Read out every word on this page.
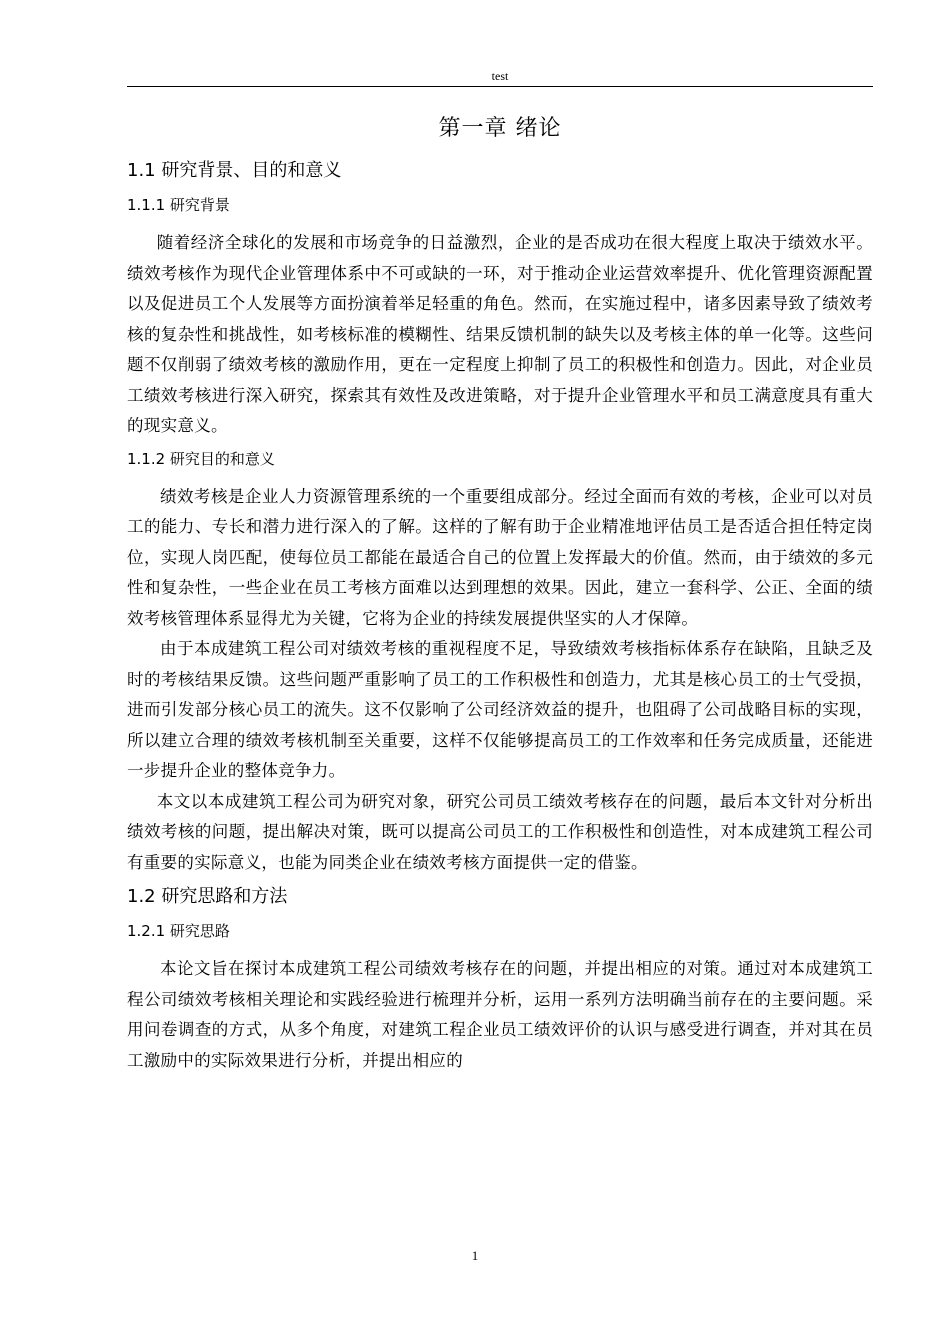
test
第一章 绪论
1.1 研究背景、目的和意义
1.1.1 研究背景

随着经济全球化的发展和市场竞争的日益激烈，企业的是否成功在很大程度上取决于绩效水平。绩效考核作为现代企业管理体系中不可或缺的一环，对于推动企业运营效率提升、优化管理资源配置以及促进员工个人发展等方面扮演着举足轻重的角色。然而，在实施过程中，诸多因素导致了绩效考核的复杂性和挑战性，如考核标准的模糊性、结果反馈机制的缺失以及考核主体的单一化等。这些问题不仅削弱了绩效考核的激励作用，更在一定程度上抑制了员工的积极性和创造力。因此，对企业员工绩效考核进行深入研究，探索其有效性及改进策略，对于提升企业管理水平和员工满意度具有重大的现实意义。

1.1.2 研究目的和意义

绩效考核是企业人力资源管理系统的一个重要组成部分。经过全面而有效的考核，企业可以对员工的能力、专长和潜力进行深入的了解。这样的了解有助于企业精准地评估员工是否适合担任特定岗位，实现人岗匹配，使每位员工都能在最适合自己的位置上发挥最大的价值。然而，由于绩效的多元性和复杂性，一些企业在员工考核方面难以达到理想的效果。因此，建立一套科学、公正、全面的绩效考核管理体系显得尤为关键，它将为企业的持续发展提供坚实的人才保障。

由于本成建筑工程公司对绩效考核的重视程度不足，导致绩效考核指标体系存在缺陷，且缺乏及时的考核结果反馈。这些问题严重影响了员工的工作积极性和创造力，尤其是核心员工的士气受损，进而引发部分核心员工的流失。这不仅影响了公司经济效益的提升，也阻碍了公司战略目标的实现，所以建立合理的绩效考核机制至关重要，这样不仅能够提高员工的工作效率和任务完成质量，还能进一步提升企业的整体竞争力。

本文以本成建筑工程公司为研究对象，研究公司员工绩效考核存在的问题，最后本文针对分析出绩效考核的问题，提出解决对策，既可以提高公司员工的工作积极性和创造性，对本成建筑工程公司有重要的实际意义，也能为同类企业在绩效考核方面提供一定的借鉴。

1.2 研究思路和方法
1.2.1 研究思路

本论文旨在探讨本成建筑工程公司绩效考核存在的问题，并提出相应的对策。通过对本成建筑工程公司绩效考核相关理论和实践经验进行梳理并分析，运用一系列方法明确当前存在的主要问题。采用问卷调查的方式，从多个角度，对建筑工程企业员工绩效评价的认识与感受进行调查，并对其在员工激励中的实际效果进行分析，并提出相应的

1
